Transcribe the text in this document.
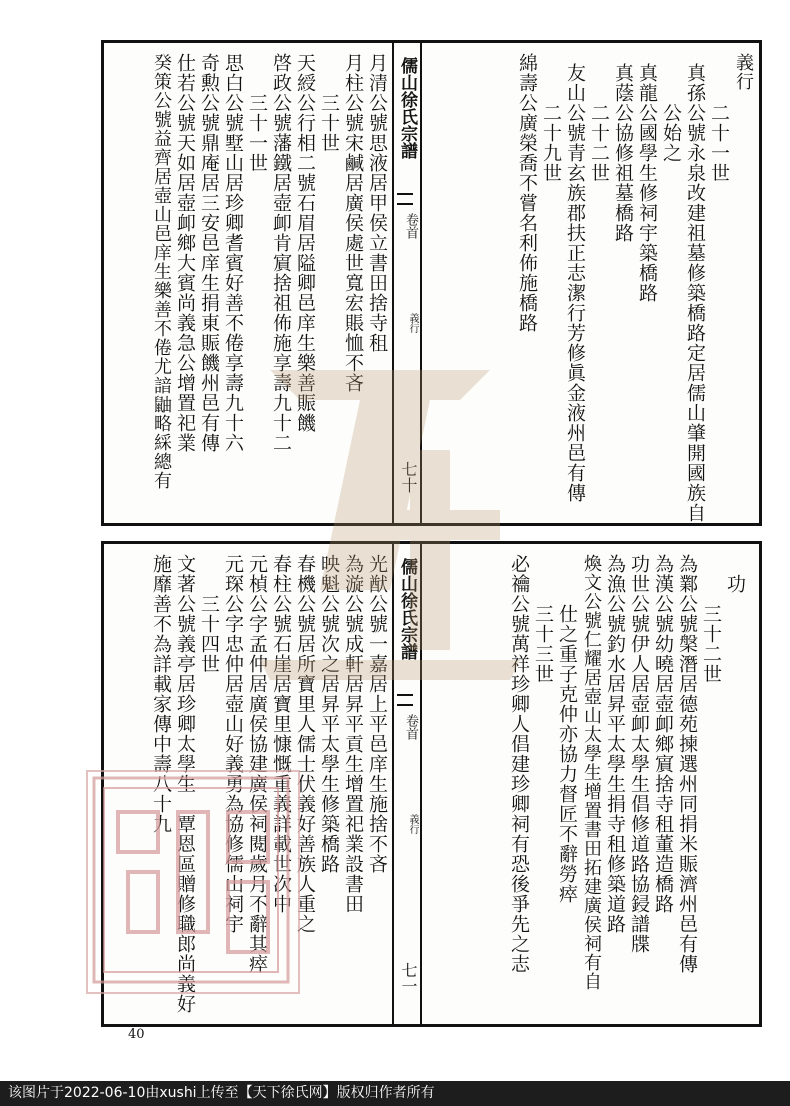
義行
二十一世
真孫公號永泉改建祖墓修築橋路定居儒山肇開國族自
公始之
真龍公國學生修祠宇築橋路
真蔭公協修祖墓橋路
二十二世
友山公號青玄族郡扶正志潔行芳修眞金液州邑有傳
二十九世
綿壽公廣榮喬不嘗名利佈施橋路
儒山徐氏宗譜
卷首
義行
七十
月清公號思液居甲侯立書田捨寺租
月柱公號宋鹹居廣侯處世寬宏賬恤不吝
三十世
天綬公行相二號石眉居隘卿邑庠生樂善賑饑
啓政公號藩鐵居壺卹肯賔捨祖佈施享壽九十二
三十一世
思白公號墅山居珍卿耆賓好善不倦享壽九十六
奇勲公號鼎庵居三安邑庠生捐東賑饑州邑有傳
仕若公號天如居壺卹鄉大賓尚義急公增置祀業
癸策公號益齊居壺山邑庠生樂善不倦尤諳鼬略綵總有
功
三十二世
為鄴公號槃潛居德苑揀選州同捐米賑濟州邑有傳
為漢公號幼曉居壺卹鄉賔捨寺租董造橋路
功世公號伊人居壺卹太學生倡修道路協鋟譜牒
為漁公號釣水居昇平太學生捐寺租修築道路
煥文公號仁耀居壺山太學生增置書田拓建廣侯祠有自
仕之重子克仲亦協力督匠不辭勞瘁
三十三世
必禴公號萬祥珍卿人倡建珍卿祠有恐後爭先之志
儒山徐氏宗譜
卷首
義行
七一
光猷公號一嘉居上平邑庠生施捨不吝
為漩公號成軒居昇平貢生增置祀業設書田
映魁公號次之居昇平太學生修築橋路
春機公號居所寶里人儒士伏義好善族人重之
春柱公號石崖居寶里慷慨重義詳載世次中
元楨公字孟仲居廣侯協建廣侯祠閱歲月不辭其瘁
元琛公字忠仲居壺山好義勇為協修儒山祠宇
三十四世
文著公號義亭居珍卿太學生　覃恩區贈修職郎尚義好
施靡善不為詳載家傳中壽八十九
40
该图片于2022-06-10由xushi上传至【天下徐氏网】版权归作者所有
